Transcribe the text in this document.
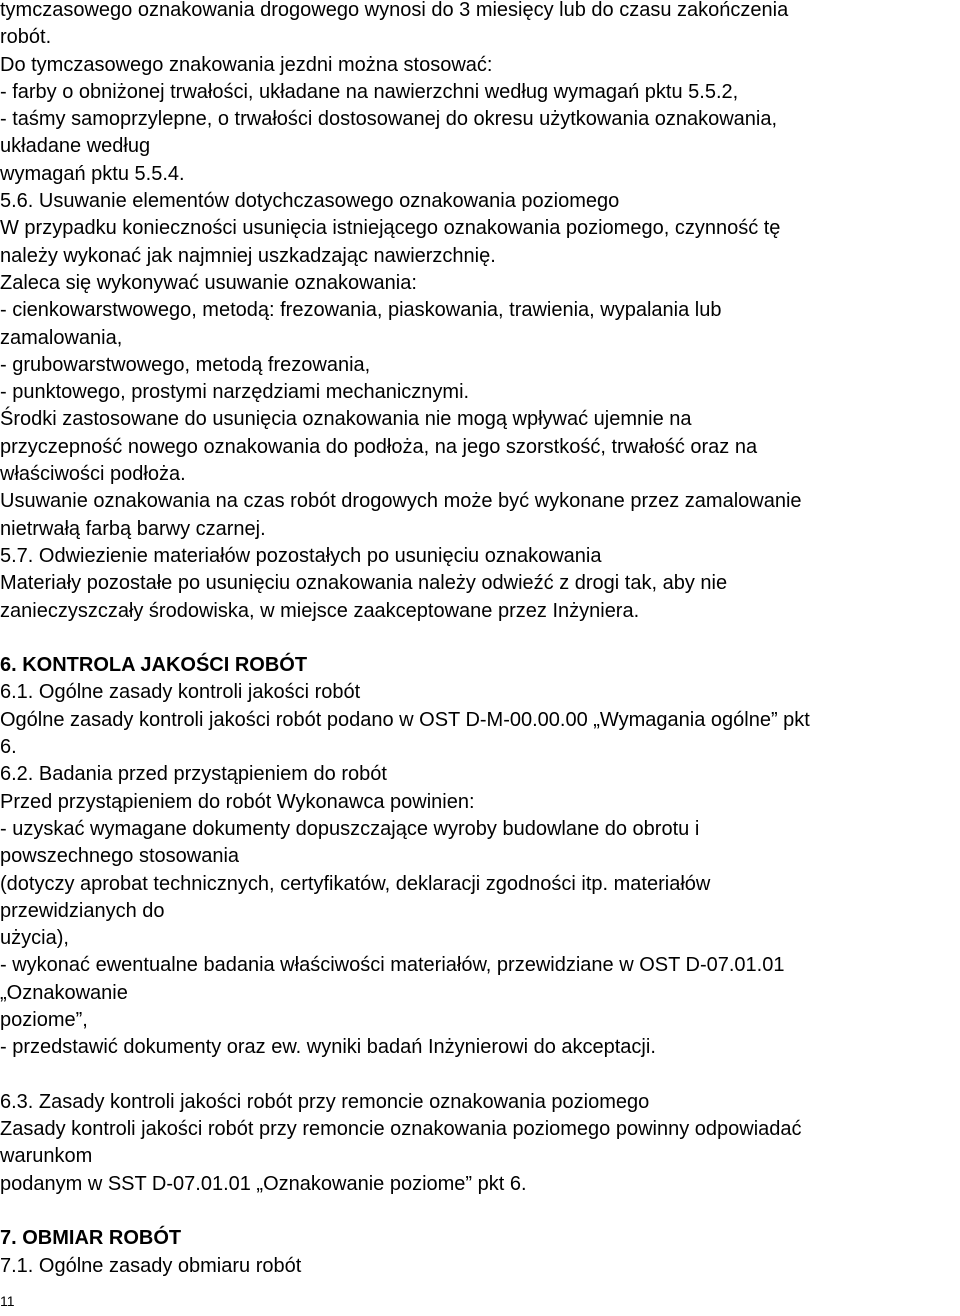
tymczasowego oznakowania drogowego wynosi do 3 miesięcy lub do czasu zakończenia

robót.

Do tymczasowego znakowania jezdni można stosować:

- farby o obniżonej trwałości, układane na nawierzchni według wymagań pktu 5.5.2,

- taśmy samoprzylepne, o trwałości dostosowanej do okresu użytkowania oznakowania,

układane według

wymagań pktu 5.5.4.

5.6. Usuwanie elementów dotychczasowego oznakowania poziomego

W przypadku konieczności usunięcia istniejącego oznakowania poziomego, czynność tę

należy wykonać jak najmniej uszkadzając nawierzchnię.

Zaleca się wykonywać usuwanie oznakowania:

- cienkowarstwowego, metodą: frezowania, piaskowania, trawienia, wypalania lub

zamalowania,

- grubowarstwowego, metodą frezowania,

- punktowego, prostymi narzędziami mechanicznymi.

Środki zastosowane do usunięcia oznakowania nie mogą wpływać ujemnie na

przyczepność nowego oznakowania do podłoża, na jego szorstkość, trwałość oraz na

właściwości podłoża.

Usuwanie oznakowania na czas robót drogowych może być wykonane przez zamalowanie

nietrwałą farbą barwy czarnej.

5.7. Odwiezienie materiałów pozostałych po usunięciu oznakowania

Materiały pozostałe po usunięciu oznakowania należy odwieźć z drogi tak, aby nie

zanieczyszczały środowiska, w miejsce zaakceptowane przez Inżyniera.

6. KONTROLA JAKOŚCI ROBÓT

6.1. Ogólne zasady kontroli jakości robót

Ogólne zasady kontroli jakości robót podano w OST D-M-00.00.00 „Wymagania ogólne” pkt

6.

6.2. Badania przed przystąpieniem do robót

Przed przystąpieniem do robót Wykonawca powinien:

- uzyskać wymagane dokumenty dopuszczające wyroby budowlane do obrotu i

powszechnego stosowania

(dotyczy aprobat technicznych, certyfikatów, deklaracji zgodności itp. materiałów

przewidzianych do

użycia),

- wykonać ewentualne badania właściwości materiałów, przewidziane w OST D-07.01.01

„Oznakowanie

poziome”,

- przedstawić dokumenty oraz ew. wyniki badań Inżynierowi do akceptacji.

6.3. Zasady kontroli jakości robót przy remoncie oznakowania poziomego

Zasady kontroli jakości robót przy remoncie oznakowania poziomego powinny odpowiadać

warunkom

podanym w SST D-07.01.01 „Oznakowanie poziome” pkt 6.

7. OBMIAR ROBÓT

7.1. Ogólne zasady obmiaru robót

11
